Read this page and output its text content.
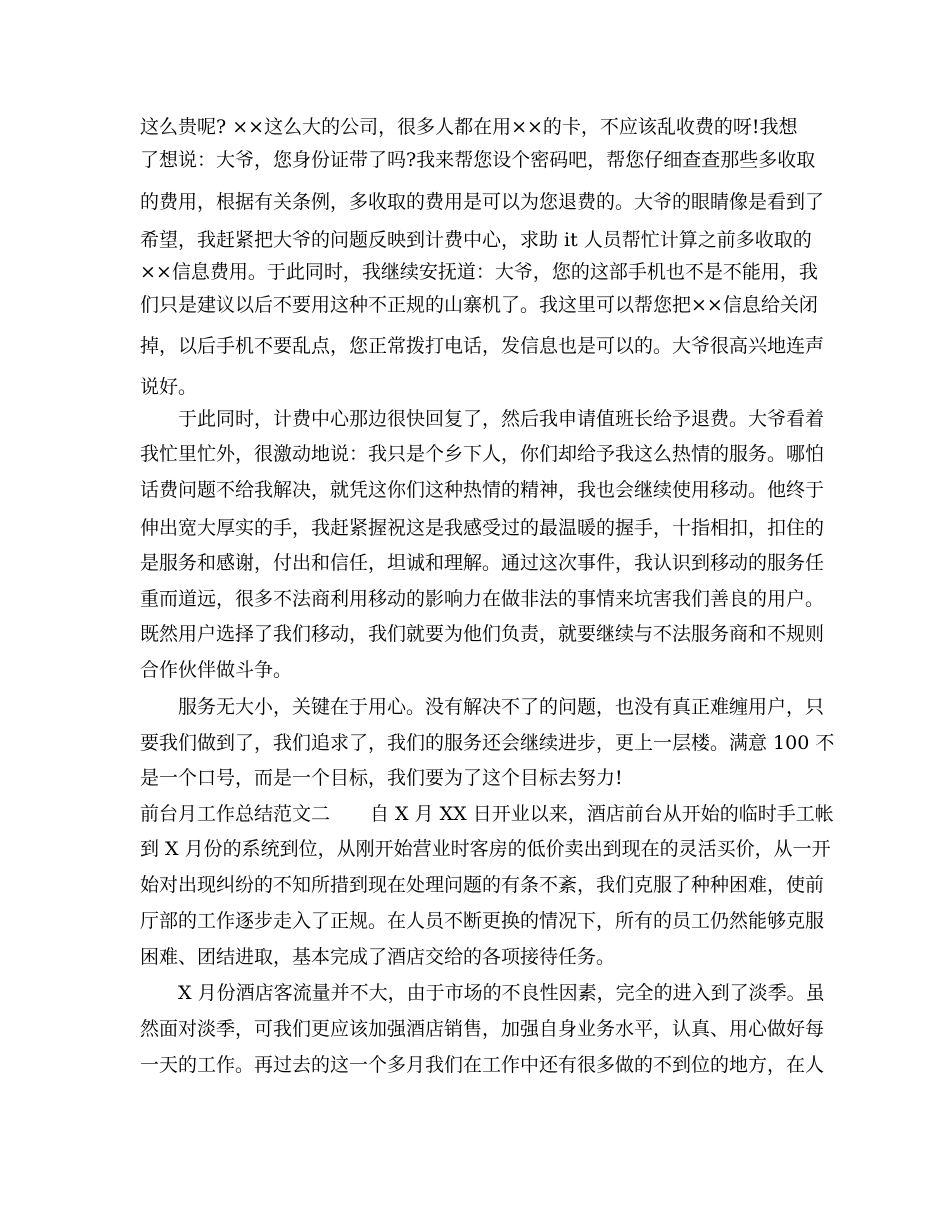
这么贵呢? ××这么大的公司，很多人都在用××的卡，不应该乱收费的呀!我想
了想说：大爷，您身份证带了吗?我来帮您设个密码吧，帮您仔细查查那些多收取
的费用，根据有关条例，多收取的费用是可以为您退费的。大爷的眼睛像是看到了
希望，我赶紧把大爷的问题反映到计费中心，求助 it 人员帮忙计算之前多收取的
××信息费用。于此同时，我继续安抚道：大爷，您的这部手机也不是不能用，我
们只是建议以后不要用这种不正规的山寨机了。我这里可以帮您把××信息给关闭
掉，以后手机不要乱点，您正常拨打电话，发信息也是可以的。大爷很高兴地连声
说好。
于此同时，计费中心那边很快回复了，然后我申请值班长给予退费。大爷看着
我忙里忙外，很激动地说：我只是个乡下人，你们却给予我这么热情的服务。哪怕
话费问题不给我解决，就凭这你们这种热情的精神，我也会继续使用移动。他终于
伸出宽大厚实的手，我赶紧握祝这是我感受过的最温暖的握手，十指相扣，扣住的
是服务和感谢，付出和信任，坦诚和理解。通过这次事件，我认识到移动的服务任
重而道远，很多不法商利用移动的影响力在做非法的事情来坑害我们善良的用户。
既然用户选择了我们移动，我们就要为他们负责，就要继续与不法服务商和不规则
合作伙伴做斗争。
服务无大小，关键在于用心。没有解决不了的问题，也没有真正难缠用户，只
要我们做到了，我们追求了，我们的服务还会继续进步，更上一层楼。满意 100 不
是一个口号，而是一个目标，我们要为了这个目标去努力!
前台月工作总结范文二 自 X 月 XX 日开业以来，酒店前台从开始的临时手工帐
到 X 月份的系统到位，从刚开始营业时客房的低价卖出到现在的灵活买价，从一开
始对出现纠纷的不知所措到现在处理问题的有条不紊，我们克服了种种困难，使前
厅部的工作逐步走入了正规。在人员不断更换的情况下，所有的员工仍然能够克服
困难、团结进取，基本完成了酒店交给的各项接待任务。
X 月份酒店客流量并不大，由于市场的不良性因素，完全的进入到了淡季。虽
然面对淡季，可我们更应该加强酒店销售，加强自身业务水平，认真、用心做好每
一天的工作。再过去的这一个多月我们在工作中还有很多做的不到位的地方，在人
